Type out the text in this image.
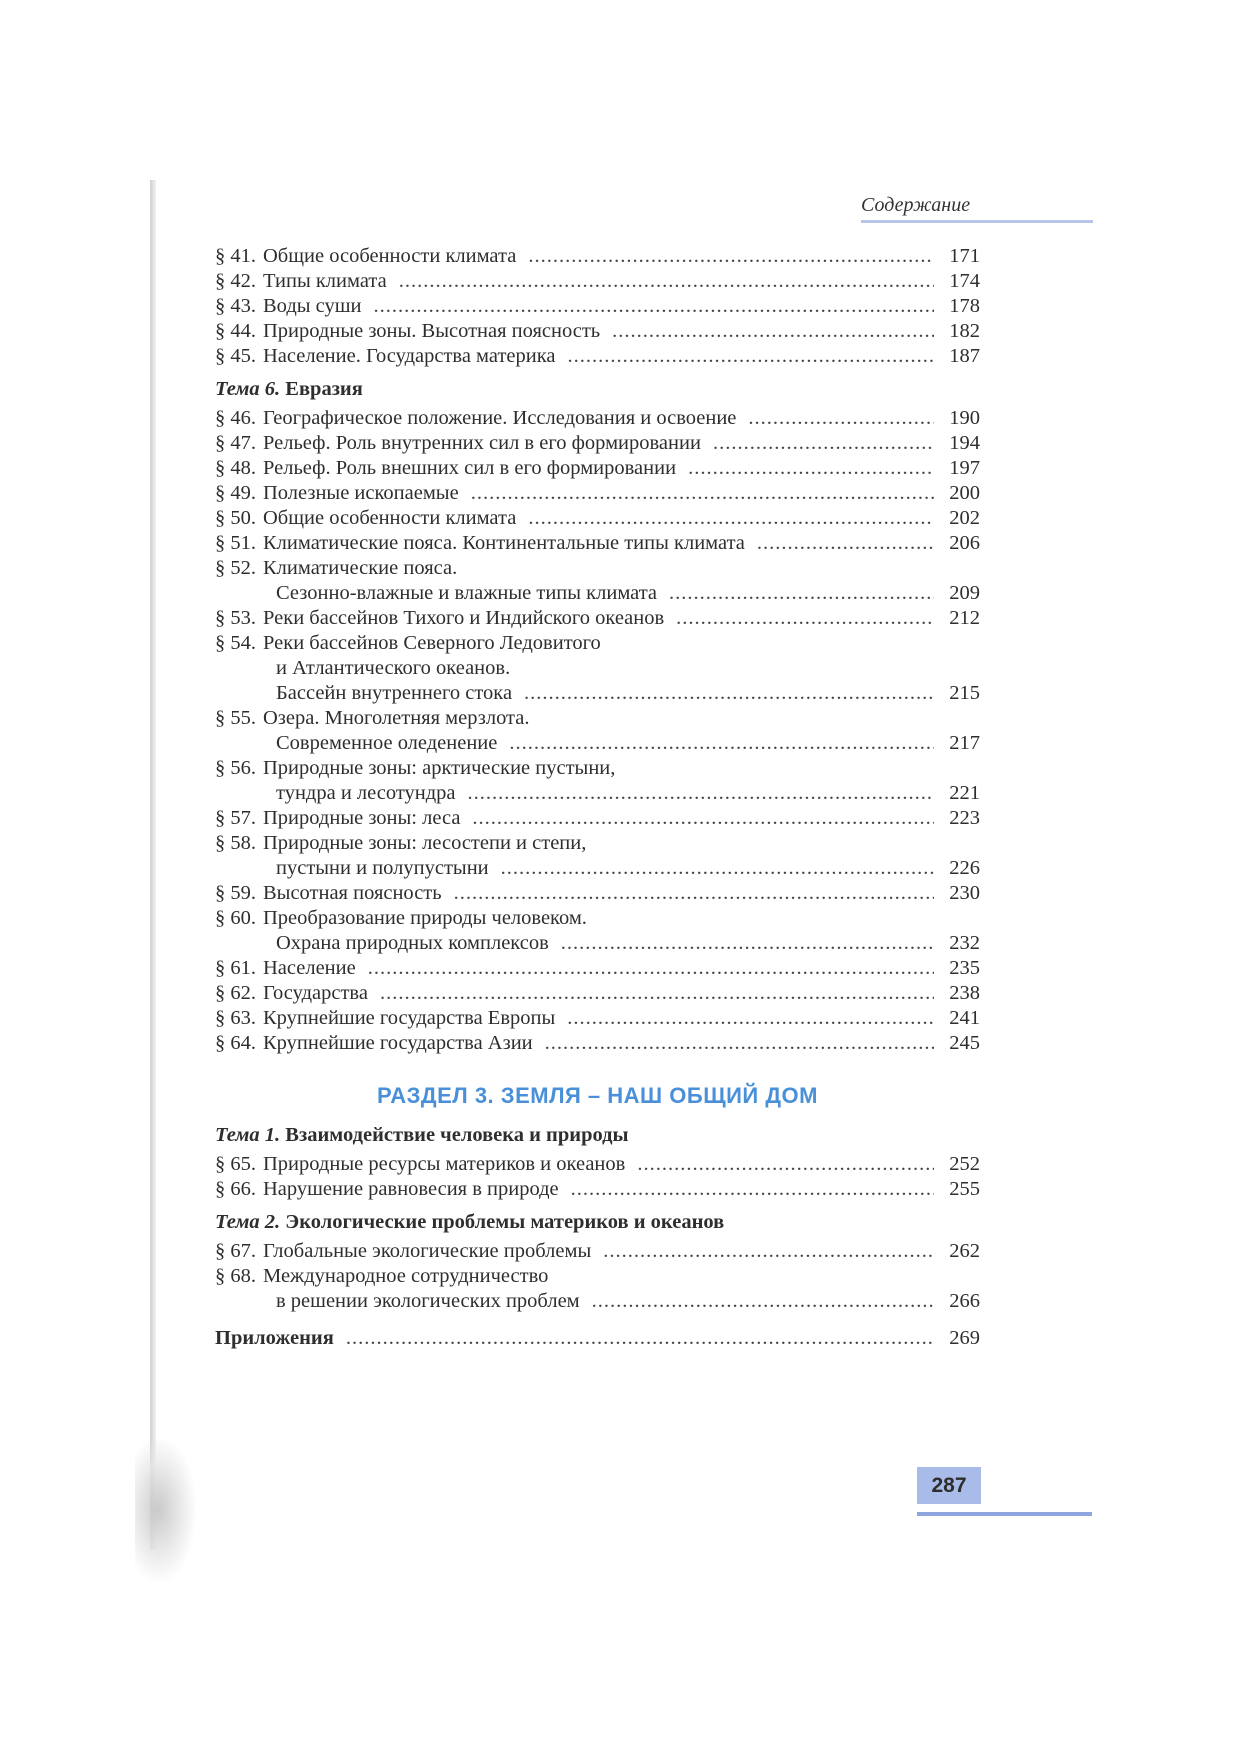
Содержание
§ 41. Общие особенности климата .....	171
§ 42. Типы климата .....	174
§ 43. Воды суши .....	178
§ 44. Природные зоны. Высотная поясность .....	182
§ 45. Население. Государства материка .....	187
Тема 6. Евразия
§ 46. Географическое положение. Исследования и освоение .....	190
§ 47. Рельеф. Роль внутренних сил в его формировании .....	194
§ 48. Рельеф. Роль внешних сил в его формировании .....	197
§ 49. Полезные ископаемые .....	200
§ 50. Общие особенности климата .....	202
§ 51. Климатические пояса. Континентальные типы климата .....	206
§ 52. Климатические пояса.
Сезонно-влажные и влажные типы климата .....	209
§ 53. Реки бассейнов Тихого и Индийского океанов .....	212
§ 54. Реки бассейнов Северного Ледовитого
и Атлантического океанов.
Бассейн внутреннего стока .....	215
§ 55. Озера. Многолетняя мерзлота.
Современное оледенение .....	217
§ 56. Природные зоны: арктические пустыни,
тундра и лесотундра .....	221
§ 57. Природные зоны: леса .....	223
§ 58. Природные зоны: лесостепи и степи,
пустыни и полупустыни .....	226
§ 59. Высотная поясность .....	230
§ 60. Преобразование природы человеком.
Охрана природных комплексов .....	232
§ 61. Население .....	235
§ 62. Государства .....	238
§ 63. Крупнейшие государства Европы .....	241
§ 64. Крупнейшие государства Азии .....	245
РАЗДЕЛ 3. ЗЕМЛЯ – НАШ ОБЩИЙ ДОМ
Тема 1. Взаимодействие человека и природы
§ 65. Природные ресурсы материков и океанов .....	252
§ 66. Нарушение равновесия в природе .....	255
Тема 2. Экологические проблемы материков и океанов
§ 67. Глобальные экологические проблемы .....	262
§ 68. Международное сотрудничество
в решении экологических проблем .....	266
Приложения .....	269
287
